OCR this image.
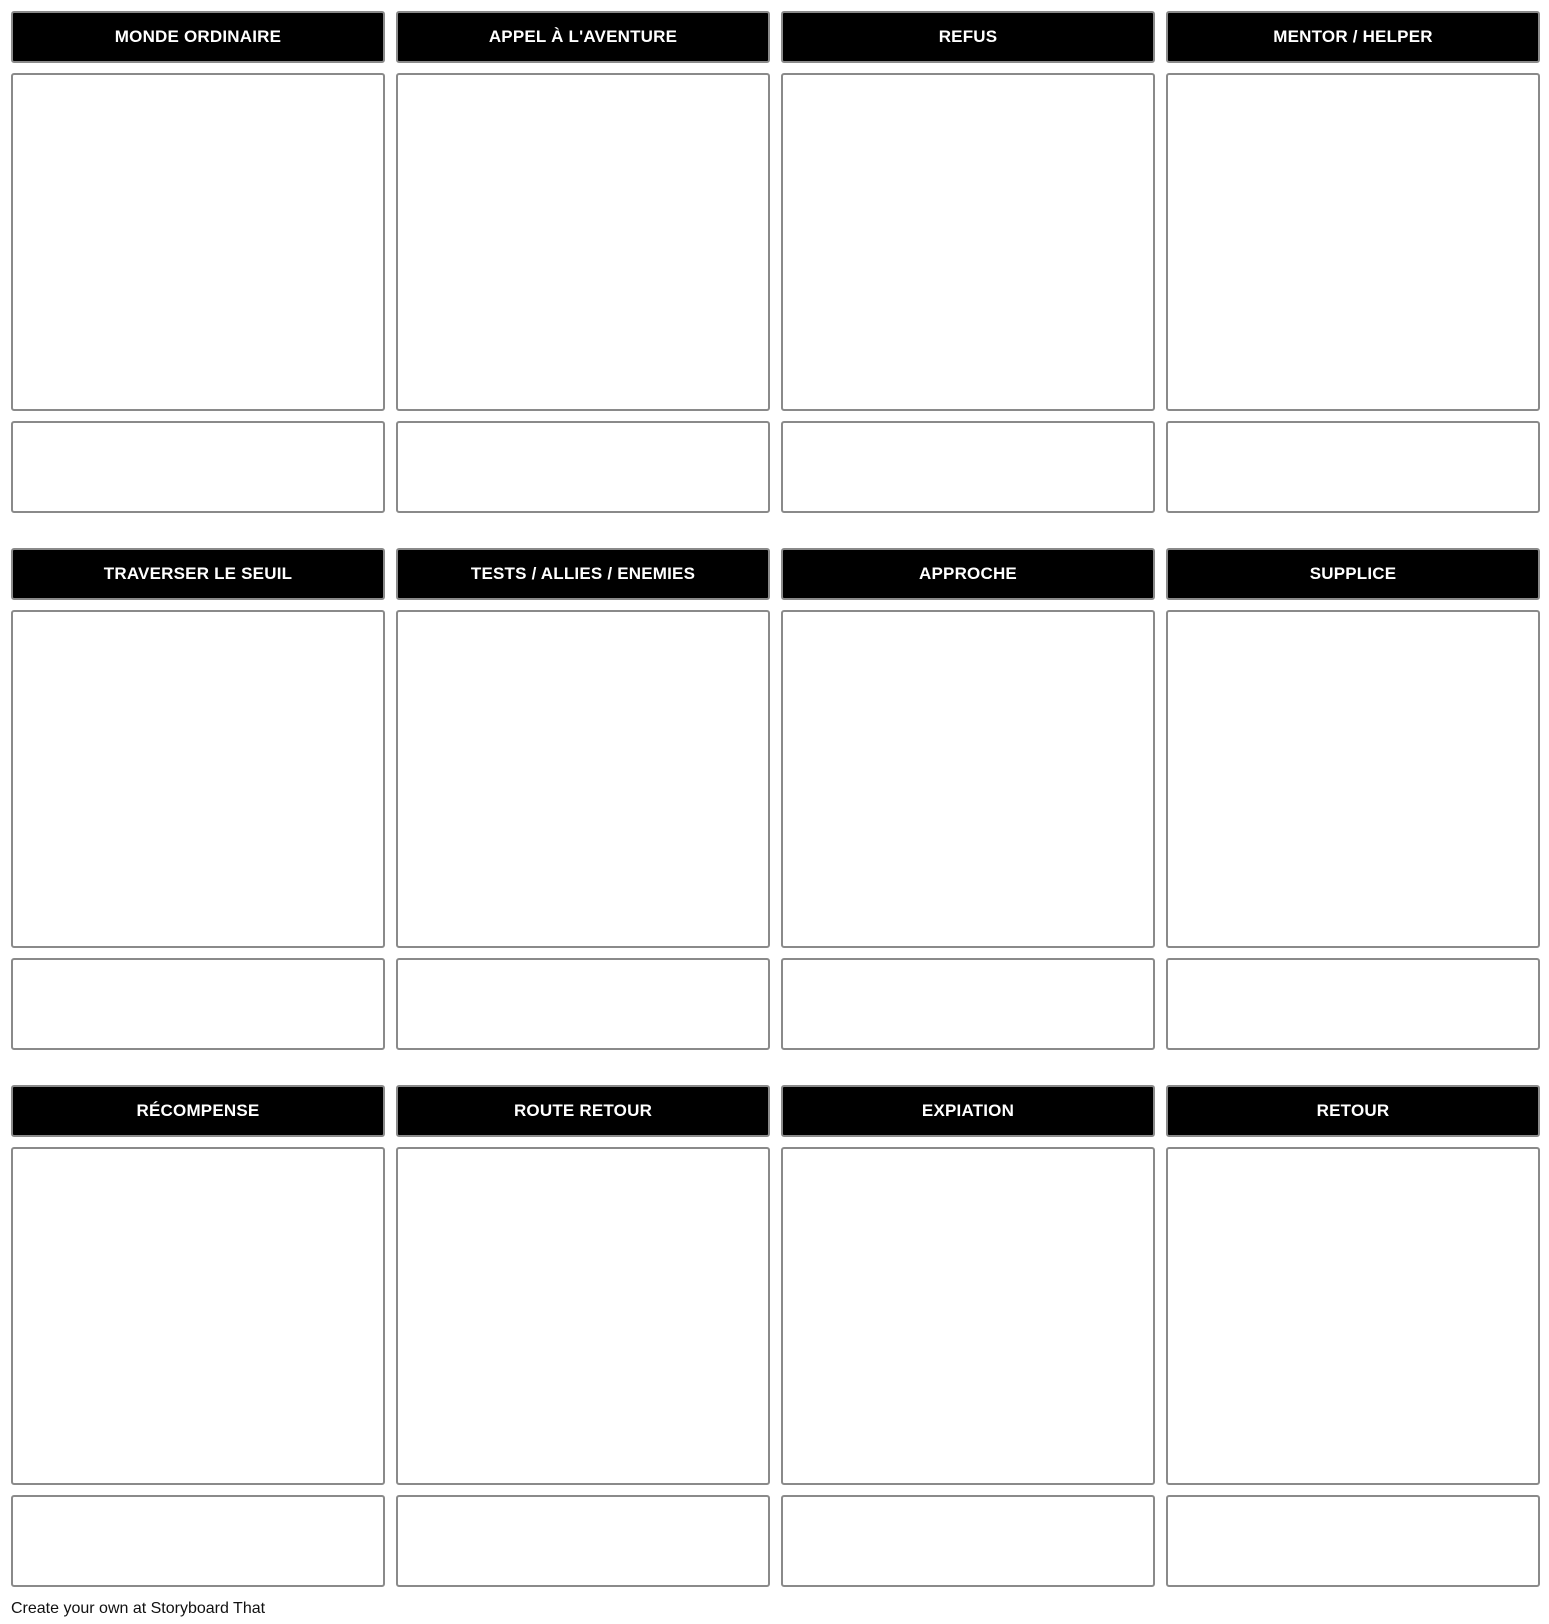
MONDE ORDINAIRE	APPEL À L'AVENTURE	REFUS	MENTOR / HELPER
TRAVERSER LE SEUIL	TESTS / ALLIES / ENEMIES	APPROCHE	SUPPLICE
RÉCOMPENSE	ROUTE RETOUR	EXPIATION	RETOUR
Create your own at Storyboard That
